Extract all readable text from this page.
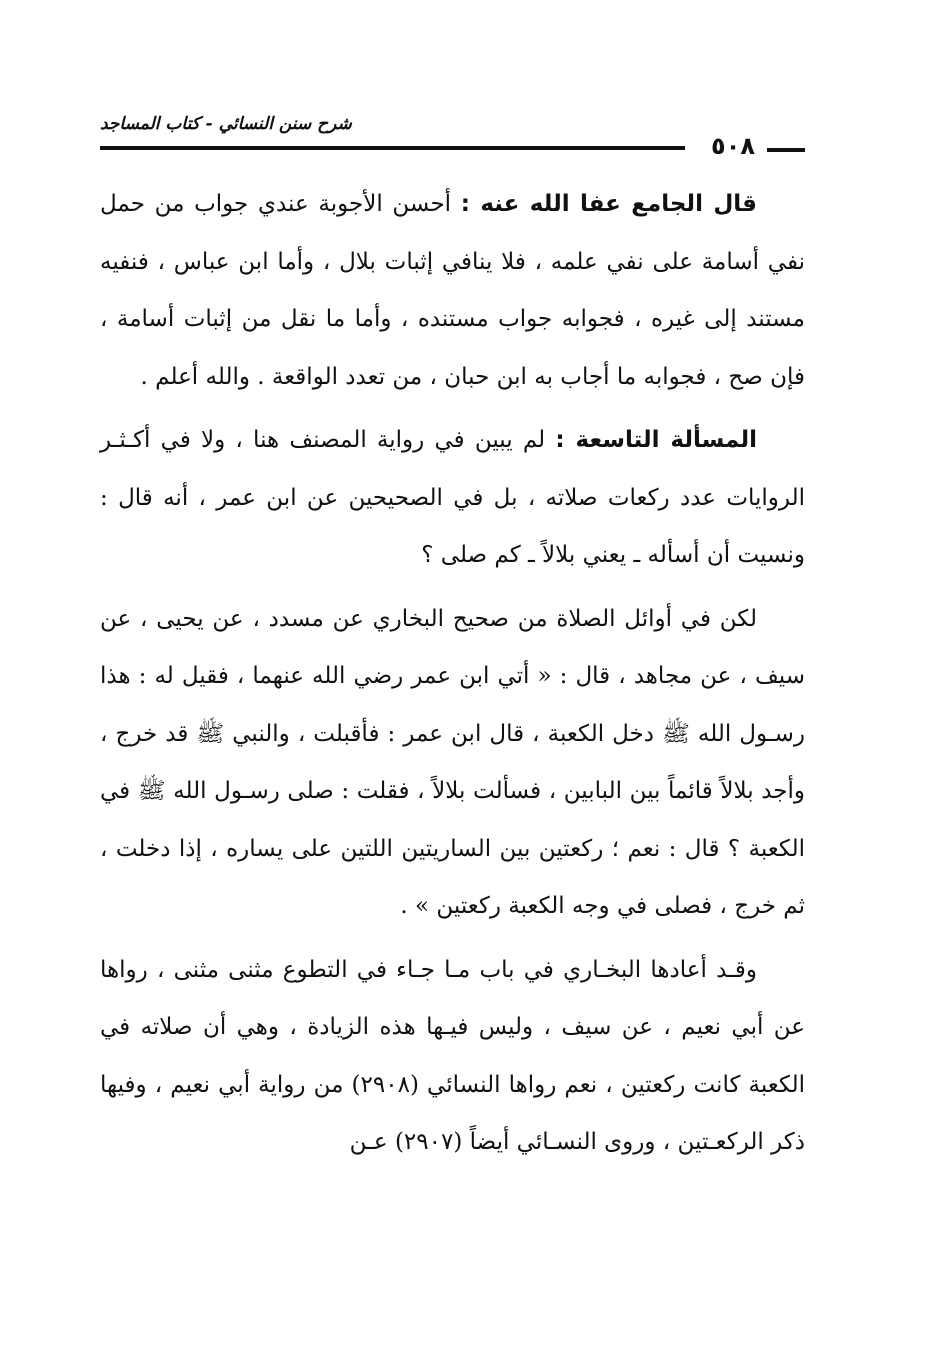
شرح سنن النسائي - كتاب المساجد
٥٠٨

قال الجامع عفا الله عنه : أحسن الأجوبة عندي جواب من حمل نفي أسامة على نفي علمه ، فلا ينافي إثبات بلال ، وأما ابن عباس ، فنفيه مستند إلى غيره ، فجوابه جواب مستنده ، وأما ما نقل من إثبات أسامة ، فإن صح ، فجوابه ما أجاب به ابن حبان ، من تعدد الواقعة . والله أعلم .

المسألة التاسعة : لم يبين في رواية المصنف هنا ، ولا في أكـثـر الروايات عدد ركعات صلاته ، بل في الصحيحين عن ابن عمر ، أنه قال : ونسيت أن أسأله ـ يعني بلالاً ـ كم صلى ؟

لكن في أوائل الصلاة من صحيح البخاري عن مسدد ، عن يحيى ، عن سيف ، عن مجاهد ، قال : « أتي ابن عمر رضي الله عنهما ، فقيل له : هذا رسـول الله ﷺ دخل الكعبة ، قال ابن عمر : فأقبلت ، والنبي ﷺ قد خرج ، وأجد بلالاً قائماً بين البابين ، فسألت بلالاً ، فقلت : صلى رسـول الله ﷺ في الكعبة ؟ قال : نعم ؛ ركعتين بين الساريتين اللتين على يساره ، إذا دخلت ، ثم خرج ، فصلى في وجه الكعبة ركعتين » .

وقـد أعادها البخـاري في باب مـا جـاء في التطوع مثنى مثنى ، رواها عن أبي نعيم ، عن سيف ، وليس فيـها هذه الزيادة ، وهي أن صلاته في الكعبة كانت ركعتين ، نعم رواها النسائي (٢٩٠٨) من رواية أبي نعيم ، وفيها ذكر الركعـتين ، وروى النسـائي أيضاً (٢٩٠٧) عـن
